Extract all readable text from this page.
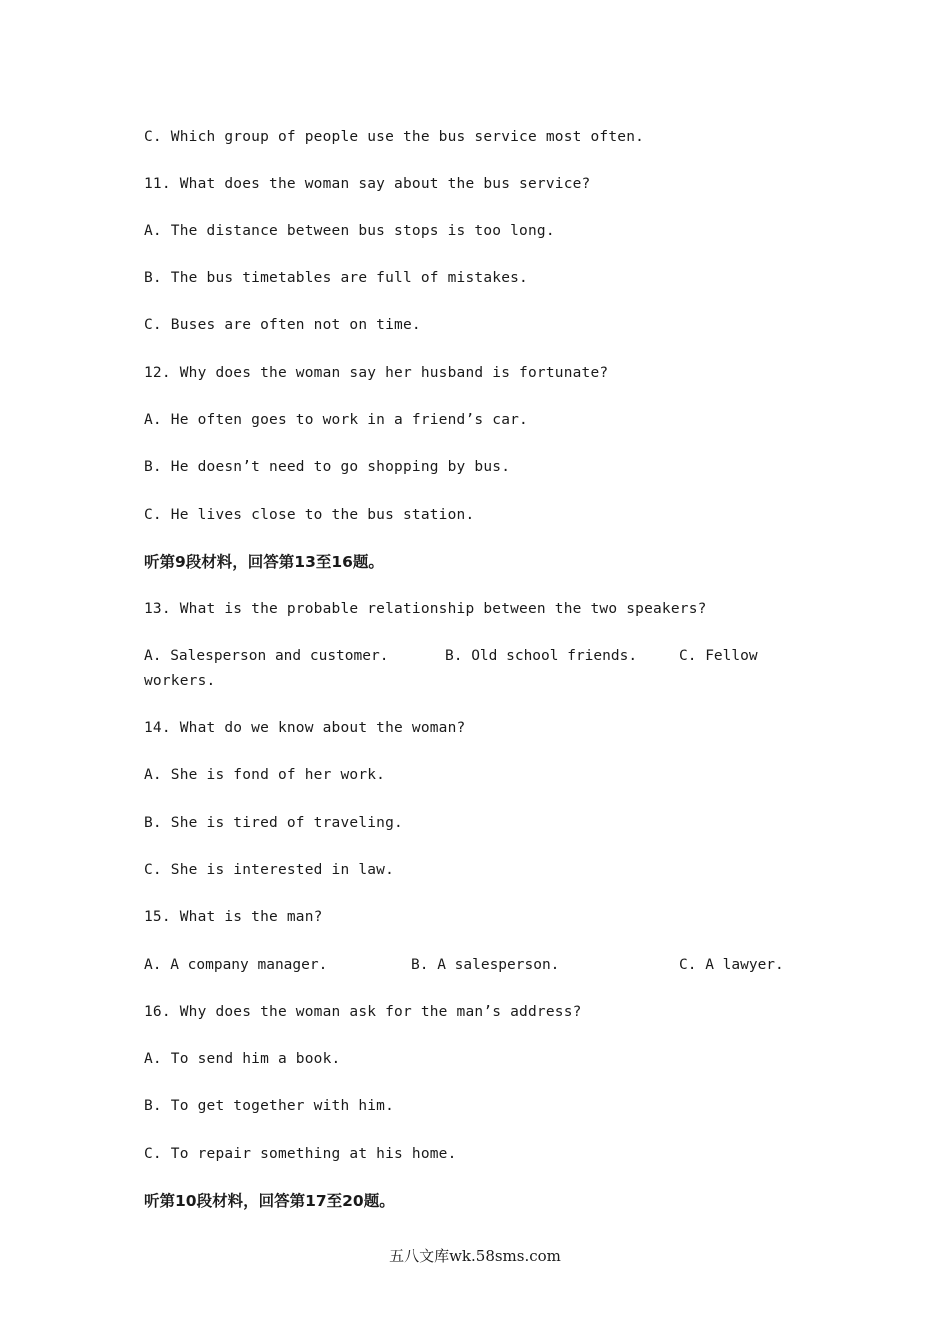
C. Which group of people use the bus service most often.
11. What does the woman say about the bus service?
A. The distance between bus stops is too long.
B. The bus timetables are full of mistakes.
C. Buses are often not on time.
12. Why does the woman say her husband is fortunate?
A. He often goes to work in a friend’s car.
B. He doesn’t need to go shopping by bus.
C. He lives close to the bus station.
听第9段材料，回答第13至16题。
13. What is the probable relationship between the two speakers?
A. Salesperson and customer.	B. Old school friends.	C. Fellow
workers.
14. What do we know about the woman?
A. She is fond of her work.
B. She is tired of traveling.
C. She is interested in law.
15. What is the man?
A. A company manager.	B. A salesperson.	C. A lawyer.
16. Why does the woman ask for the man’s address?
A. To send him a book.
B. To get together with him.
C. To repair something at his home.
听第10段材料，回答第17至20题。
五八文库wk.58sms.com
